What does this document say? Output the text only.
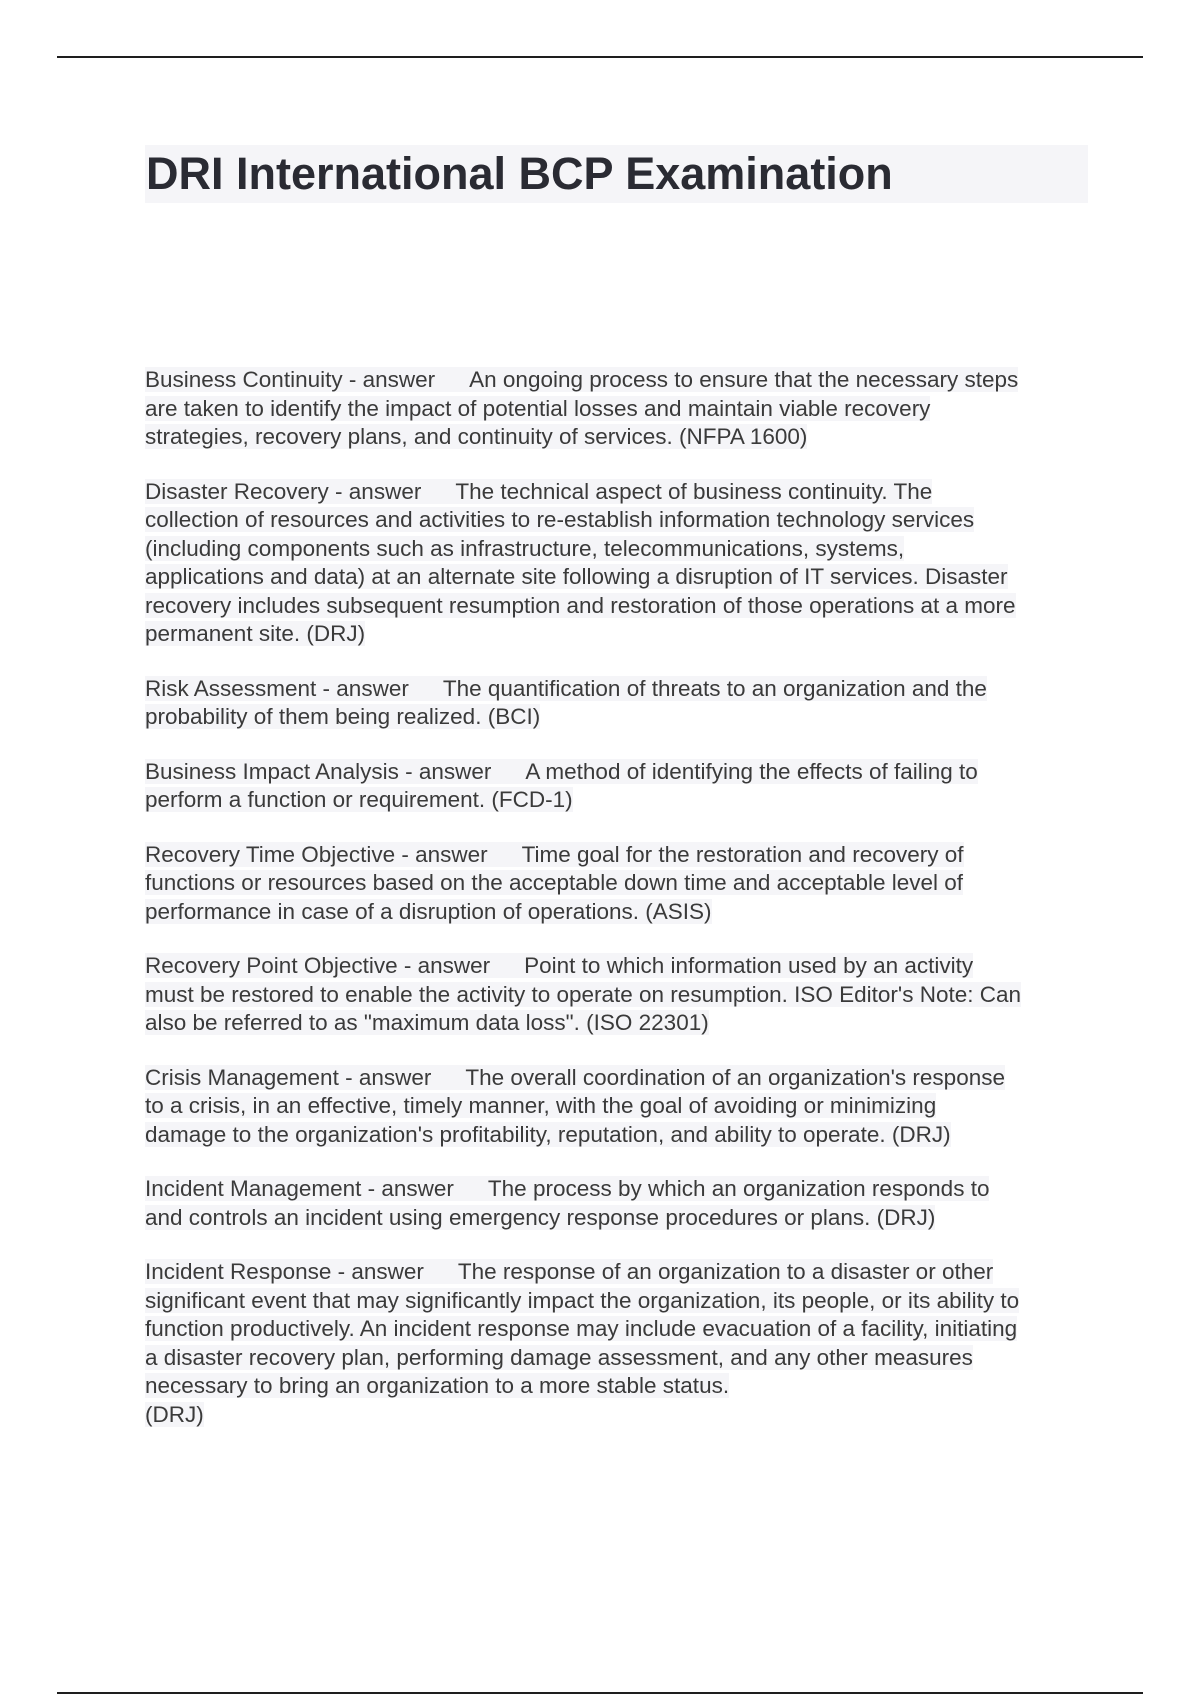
DRI International BCP Examination
Business Continuity - answer An ongoing process to ensure that the necessary steps
are taken to identify the impact of potential losses and maintain viable recovery
strategies, recovery plans, and continuity of services. (NFPA 1600)
Disaster Recovery - answer The technical aspect of business continuity. The
collection of resources and activities to re-establish information technology services
(including components such as infrastructure, telecommunications, systems,
applications and data) at an alternate site following a disruption of IT services. Disaster
recovery includes subsequent resumption and restoration of those operations at a more
permanent site. (DRJ)
Risk Assessment - answer The quantification of threats to an organization and the
probability of them being realized. (BCI)
Business Impact Analysis - answer A method of identifying the effects of failing to
perform a function or requirement. (FCD-1)
Recovery Time Objective - answer Time goal for the restoration and recovery of
functions or resources based on the acceptable down time and acceptable level of
performance in case of a disruption of operations. (ASIS)
Recovery Point Objective - answer Point to which information used by an activity
must be restored to enable the activity to operate on resumption. ISO Editor's Note: Can
also be referred to as "maximum data loss". (ISO 22301)
Crisis Management - answer The overall coordination of an organization's response
to a crisis, in an effective, timely manner, with the goal of avoiding or minimizing
damage to the organization's profitability, reputation, and ability to operate. (DRJ)
Incident Management - answer The process by which an organization responds to
and controls an incident using emergency response procedures or plans. (DRJ)
Incident Response - answer The response of an organization to a disaster or other
significant event that may significantly impact the organization, its people, or its ability to
function productively. An incident response may include evacuation of a facility, initiating
a disaster recovery plan, performing damage assessment, and any other measures
necessary to bring an organization to a more stable status.
(DRJ)
